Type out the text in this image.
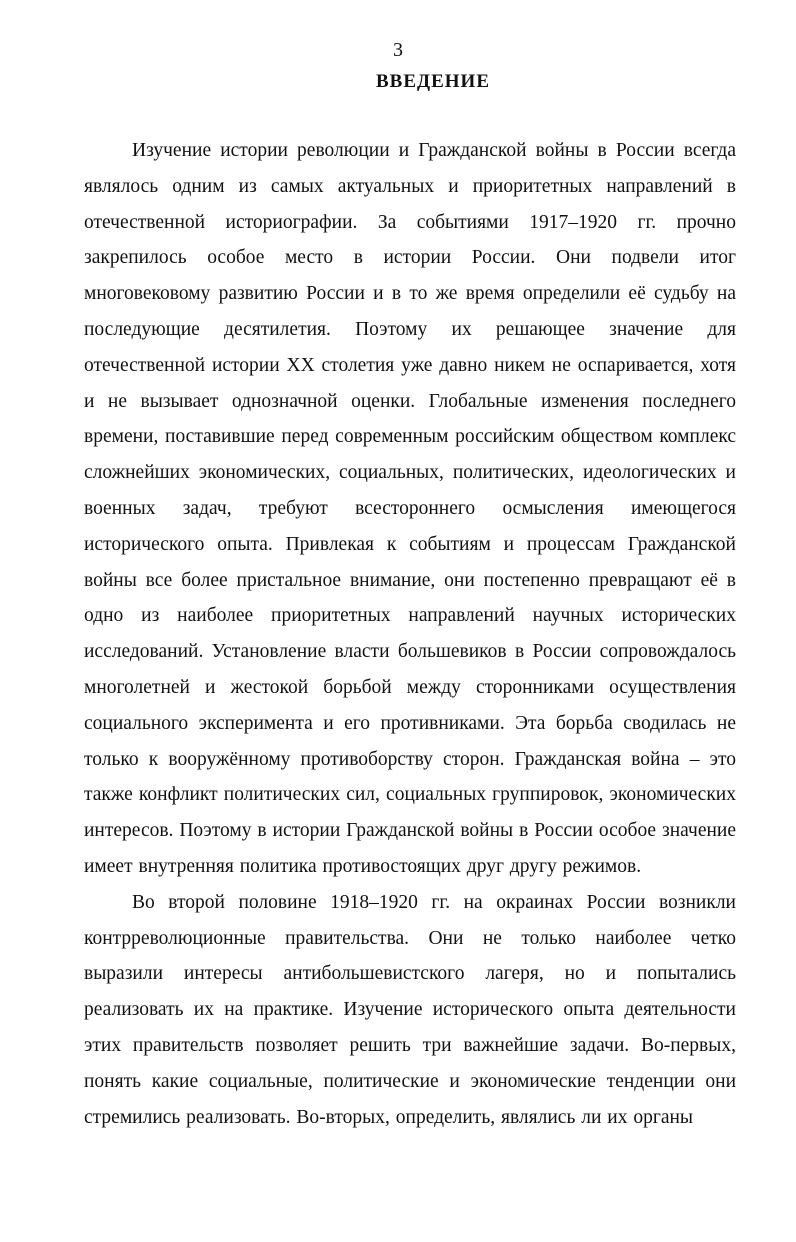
3
ВВЕДЕНИЕ

Изучение истории революции и Гражданской войны в России всегда являлось одним из самых актуальных и приоритетных направлений в отечественной историографии. За событиями 1917–1920 гг. прочно закрепилось особое место в истории России. Они подвели итог многовековому развитию России и в то же время определили её судьбу на последующие десятилетия. Поэтому их решающее значение для отечественной истории XX столетия уже давно никем не оспаривается, хотя и не вызывает однозначной оценки. Глобальные изменения последнего времени, поставившие перед современным российским обществом комплекс сложнейших экономических, социальных, политических, идеологических и военных задач, требуют всестороннего осмысления имеющегося исторического опыта. Привлекая к событиям и процессам Гражданской войны все более пристальное внимание, они постепенно превращают её в одно из наиболее приоритетных направлений научных исторических исследований. Установление власти большевиков в России сопровождалось многолетней и жестокой борьбой между сторонниками осуществления социального эксперимента и его противниками. Эта борьба сводилась не только к вооружённому противоборству сторон. Гражданская война – это также конфликт политических сил, социальных группировок, экономических интересов. Поэтому в истории Гражданской войны в России особое значение имеет внутренняя политика противостоящих друг другу режимов.

Во второй половине 1918–1920 гг. на окраинах России возникли контрреволюционные правительства. Они не только наиболее четко выразили интересы антибольшевистского лагеря, но и попытались реализовать их на практике. Изучение исторического опыта деятельности этих правительств позволяет решить три важнейшие задачи. Во-первых, понять какие социальные, политические и экономические тенденции они стремились реализовать. Во-вторых, определить, являлись ли их органы
